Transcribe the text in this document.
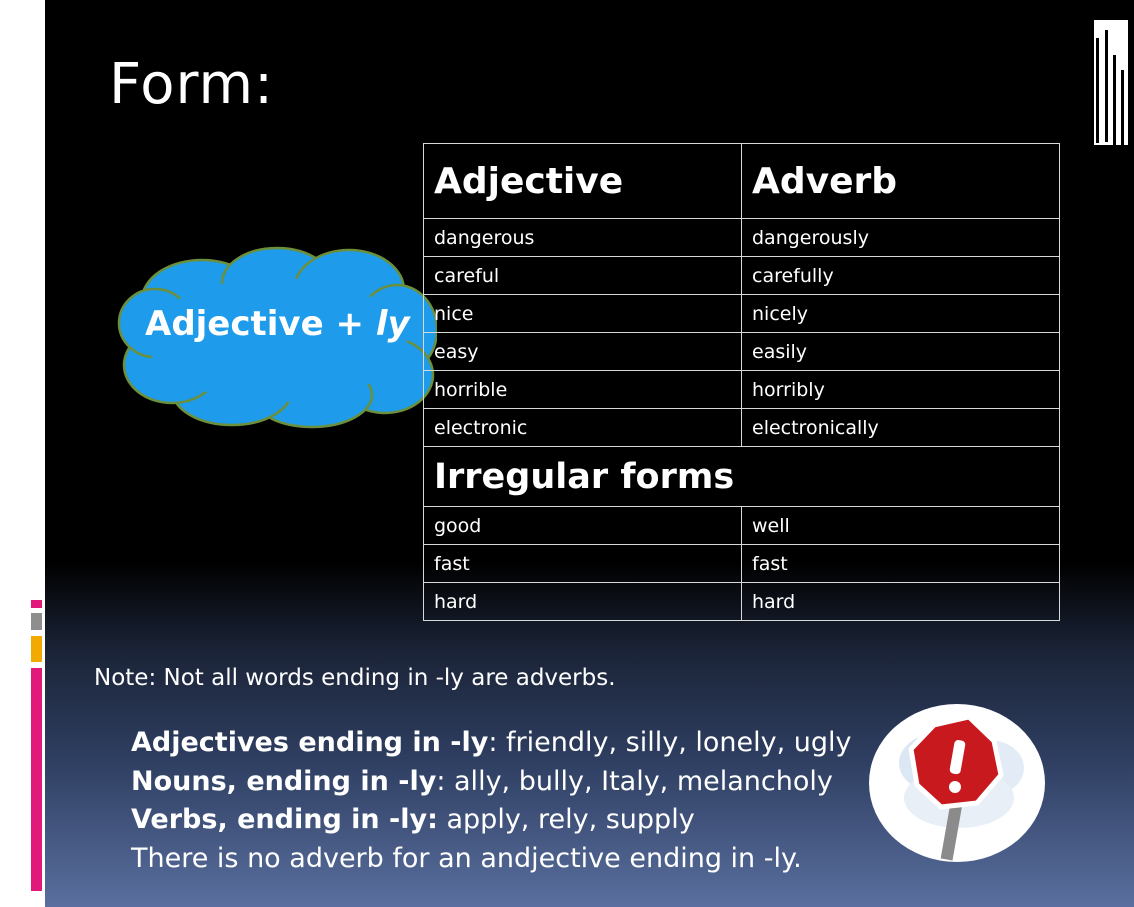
Form:
Adjective + ly
Adjective	Adverb
dangerous	dangerously
careful	carefully
nice	nicely
easy	easily
horrible	horribly
electronic	electronically
Irregular forms	
good	well
fast	fast
hard	hard
Note: Not all words ending in -ly are adverbs.
Adjectives ending in -ly: friendly, silly, lonely, ugly
Nouns, ending in -ly: ally, bully, Italy, melancholy
Verbs, ending in -ly: apply, rely, supply
There is no adverb for an andjective ending in -ly.
